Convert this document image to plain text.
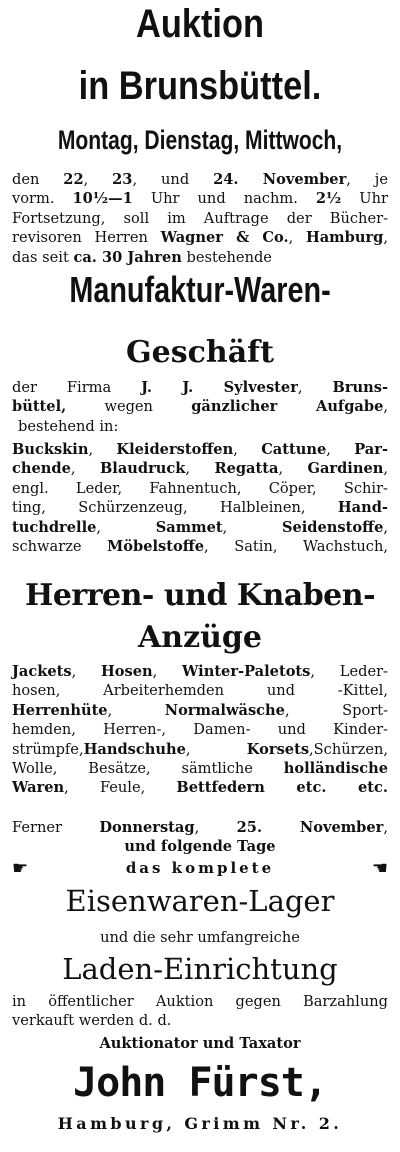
Auktion
in Brunsbüttel.
Montag, Dienstag, Mittwoch,
den 22, 23, und 24. November, je
vorm. 10½—1 Uhr und nachm. 2½ Uhr
Fortsetzung, soll im Auftrage der Bücher-
revisoren Herren Wagner & Co., Hamburg,
das seit ca. 30 Jahren bestehende
Manufaktur-Waren-
Geschäft
der Firma J. J. Sylvester, Bruns-
büttel, wegen gänzlicher Aufgabe,
bestehend in:
Buckskin, Kleiderstoffen, Cattune, Par-
chende, Blaudruck, Regatta, Gardinen,
engl. Leder, Fahnentuch, Cöper, Schir-
ting, Schürzenzeug, Halbleinen, Hand-
tuchdrelle, Sammet, Seidenstoffe,
schwarze Möbelstoffe, Satin, Wachstuch,
Herren- und Knaben-
Anzüge
Jackets, Hosen, Winter-Paletots, Leder-
hosen, Arbeiterhemden und -Kittel,
Herrenhüte, Normalwäsche, Sport-
hemden, Herren-, Damen- und Kinder-
strümpfe,Handschuhe, Korsets,Schürzen,
Wolle, Besätze, sämtliche holländische
Waren, Feule, Bettfedern etc. etc.
Ferner Donnerstag, 25. November,
und folgende Tage
☛	das komplete	☚
Eisenwaren-Lager
und die sehr umfangreiche
Laden-Einrichtung
in öffentlicher Auktion gegen Barzahlung
verkauft werden d. d.
Auktionator und Taxator
John Fürst,
Hamburg, Grimm Nr. 2.
